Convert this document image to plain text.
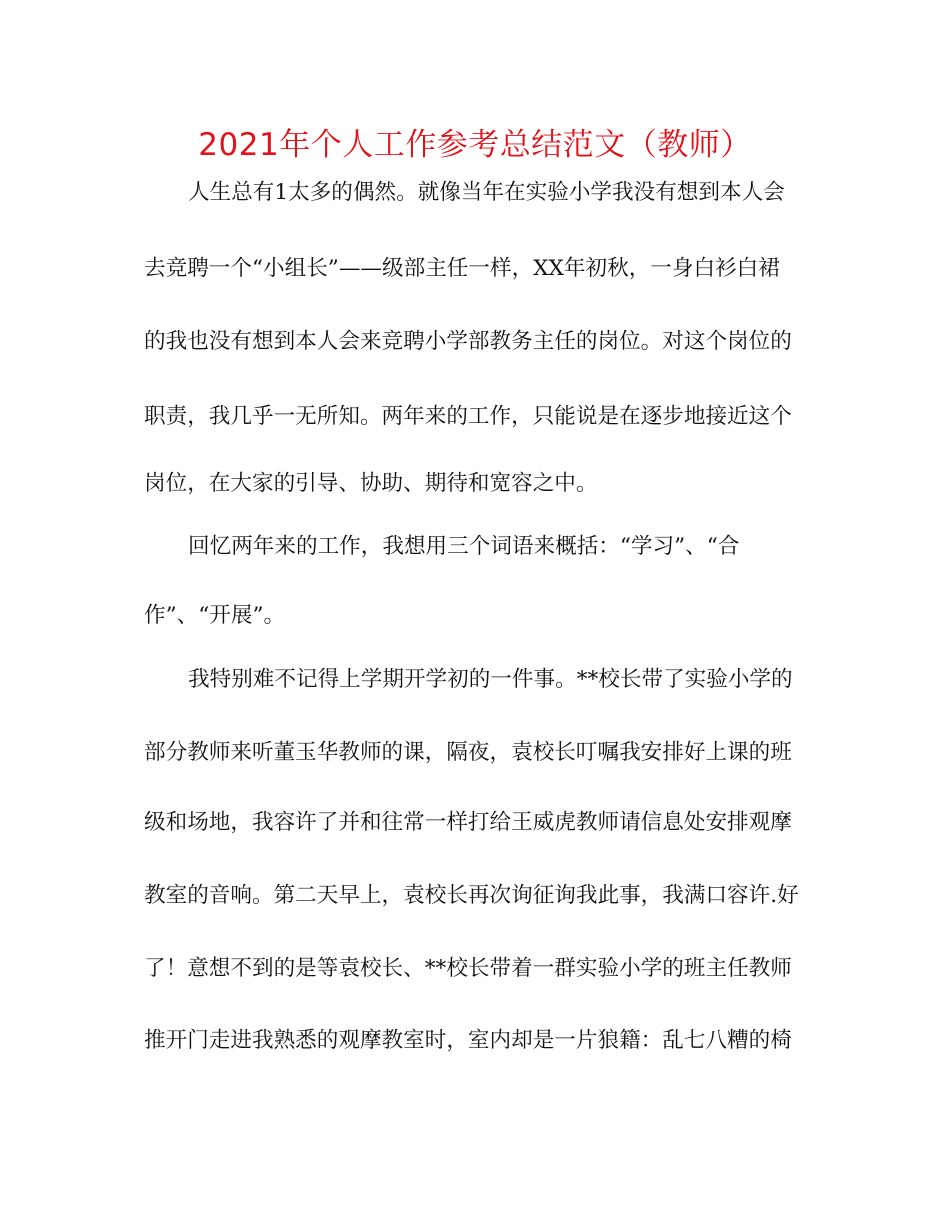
2021年个人工作参考总结范文（教师）
人生总有1太多的偶然。就像当年在实验小学我没有想到本人会
去竞聘一个“小组长”——级部主任一样，XX年初秋，一身白衫白裙
的我也没有想到本人会来竞聘小学部教务主任的岗位。对这个岗位的
职责，我几乎一无所知。两年来的工作，只能说是在逐步地接近这个
岗位，在大家的引导、协助、期待和宽容之中。
回忆两年来的工作，我想用三个词语来概括：“学习”、“合
作”、“开展”。
我特别难不记得上学期开学初的一件事。**校长带了实验小学的
部分教师来听董玉华教师的课，隔夜，袁校长叮嘱我安排好上课的班
级和场地，我容许了并和往常一样打给王威虎教师请信息处安排观摩
教室的音响。第二天早上，袁校长再次询征询我此事，我满口容许.好
了！意想不到的是等袁校长、**校长带着一群实验小学的班主任教师
推开门走进我熟悉的观摩教室时，室内却是一片狼籍：乱七八糟的椅
